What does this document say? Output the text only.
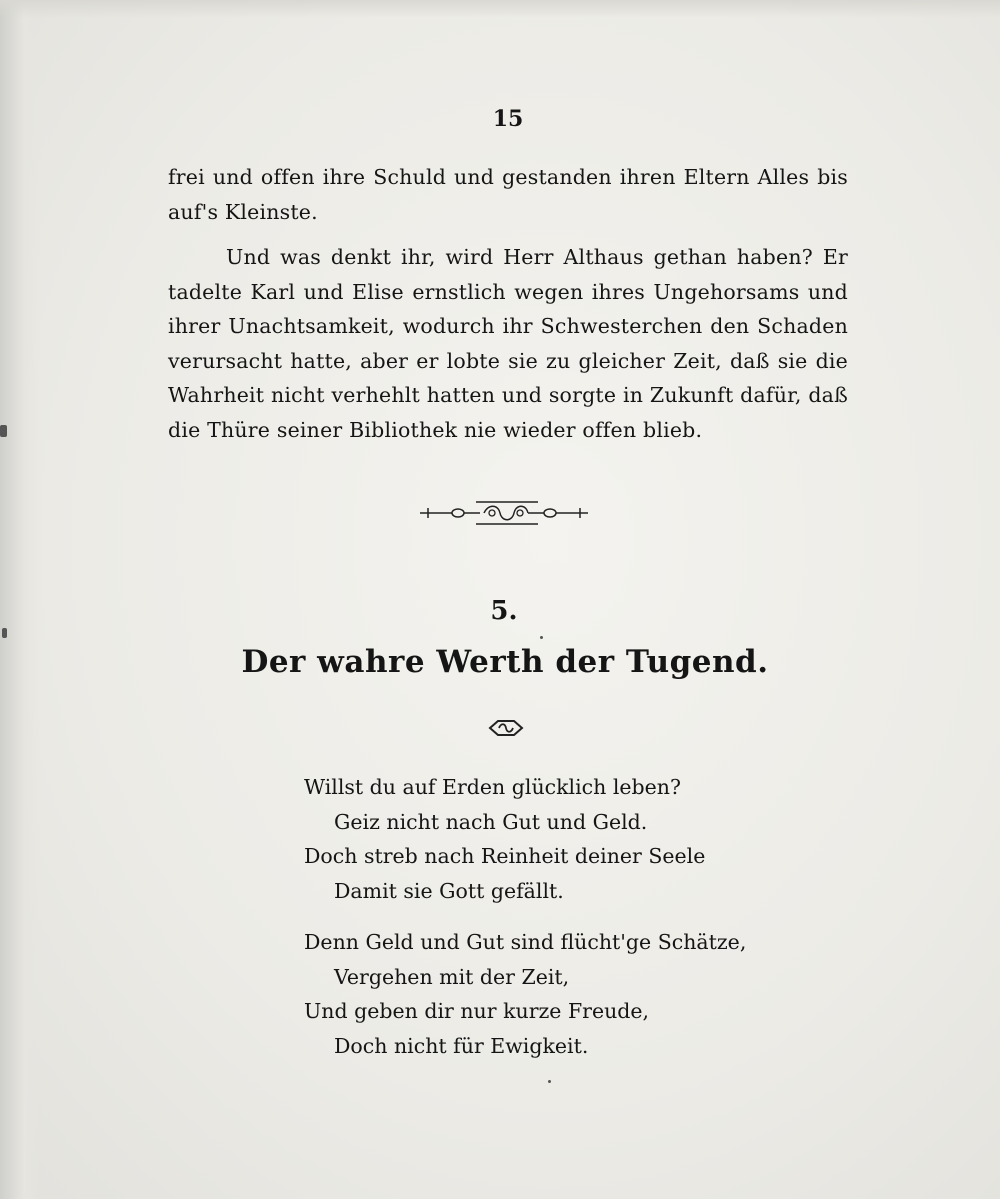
15
frei und offen ihre Schuld und gestanden ihren Eltern Alles bis auf's Kleinste.
Und was denkt ihr, wird Herr Althaus gethan haben? Er tadelte Karl und Elise ernstlich wegen ihres Ungehorsams und ihrer Unachtsamkeit, wodurch ihr Schwesterchen den Schaden verursacht hatte, aber er lobte sie zu gleicher Zeit, daß sie die Wahrheit nicht verhehlt hatten und sorgte in Zukunft dafür, daß die Thüre seiner Bibliothek nie wieder offen blieb.
5.
Der wahre Werth der Tugend.
Willst du auf Erden glücklich leben?
Geiz nicht nach Gut und Geld.
Doch streb nach Reinheit deiner Seele
Damit sie Gott gefällt.
Denn Geld und Gut sind flücht'ge Schätze,
Vergehen mit der Zeit,
Und geben dir nur kurze Freude,
Doch nicht für Ewigkeit.
